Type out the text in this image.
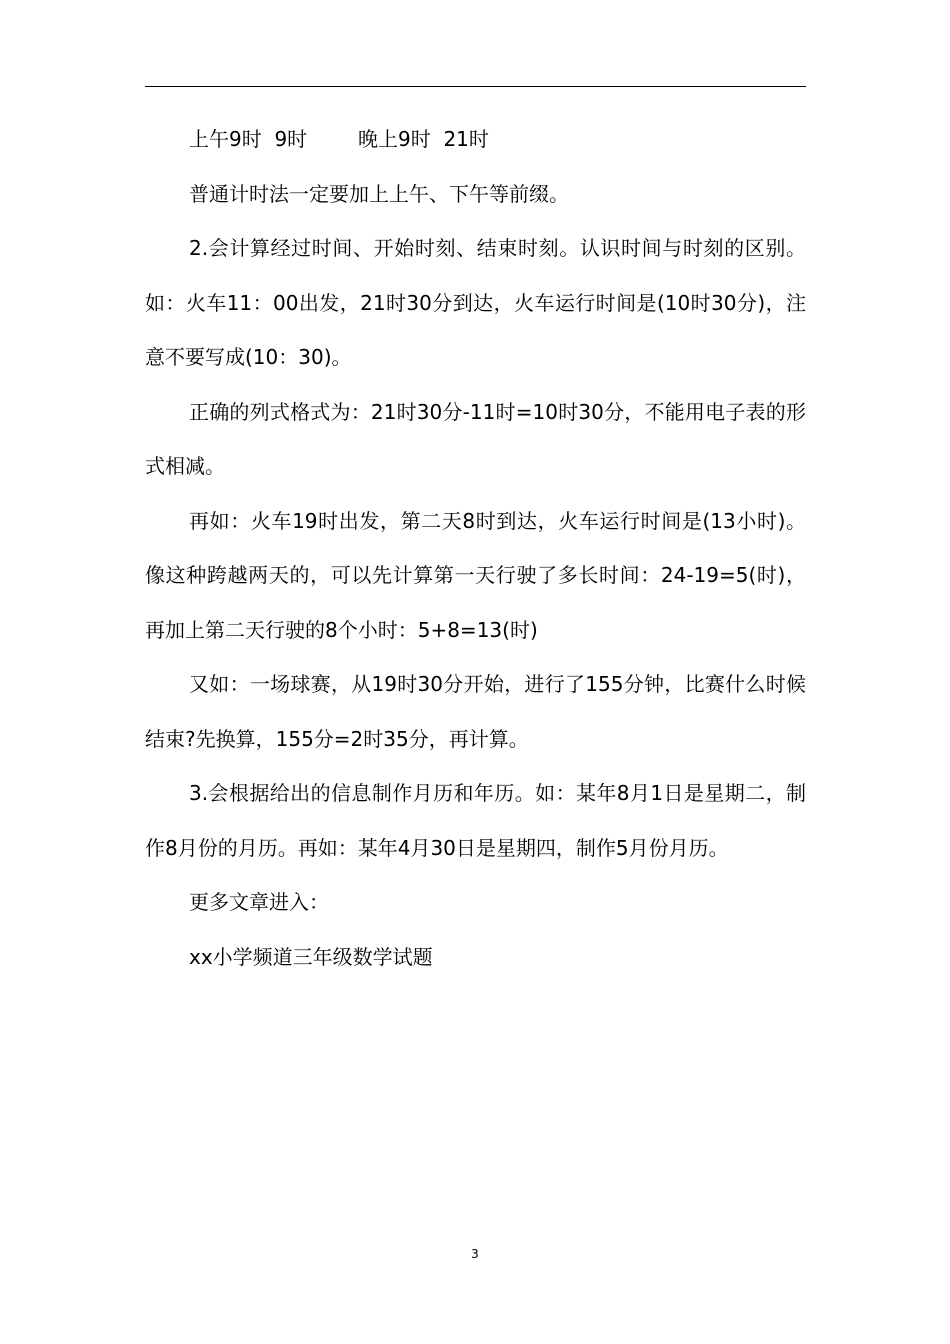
上午9时  9时        晚上9时  21时

普通计时法一定要加上上午、下午等前缀。

2.会计算经过时间、开始时刻、结束时刻。认识时间与时刻的区别。如：火车11：00出发，21时30分到达，火车运行时间是(10时30分)，注意不要写成(10：30)。

正确的列式格式为：21时30分-11时=10时30分，不能用电子表的形式相减。

再如：火车19时出发，第二天8时到达，火车运行时间是(13小时)。像这种跨越两天的，可以先计算第一天行驶了多长时间：24-19=5(时)，再加上第二天行驶的8个小时：5+8=13(时)

又如：一场球赛，从19时30分开始，进行了155分钟，比赛什么时候结束?先换算，155分=2时35分，再计算。

3.会根据给出的信息制作月历和年历。如：某年8月1日是星期二，制作8月份的月历。再如：某年4月30日是星期四，制作5月份月历。

更多文章进入：

xx小学频道三年级数学试题

3
